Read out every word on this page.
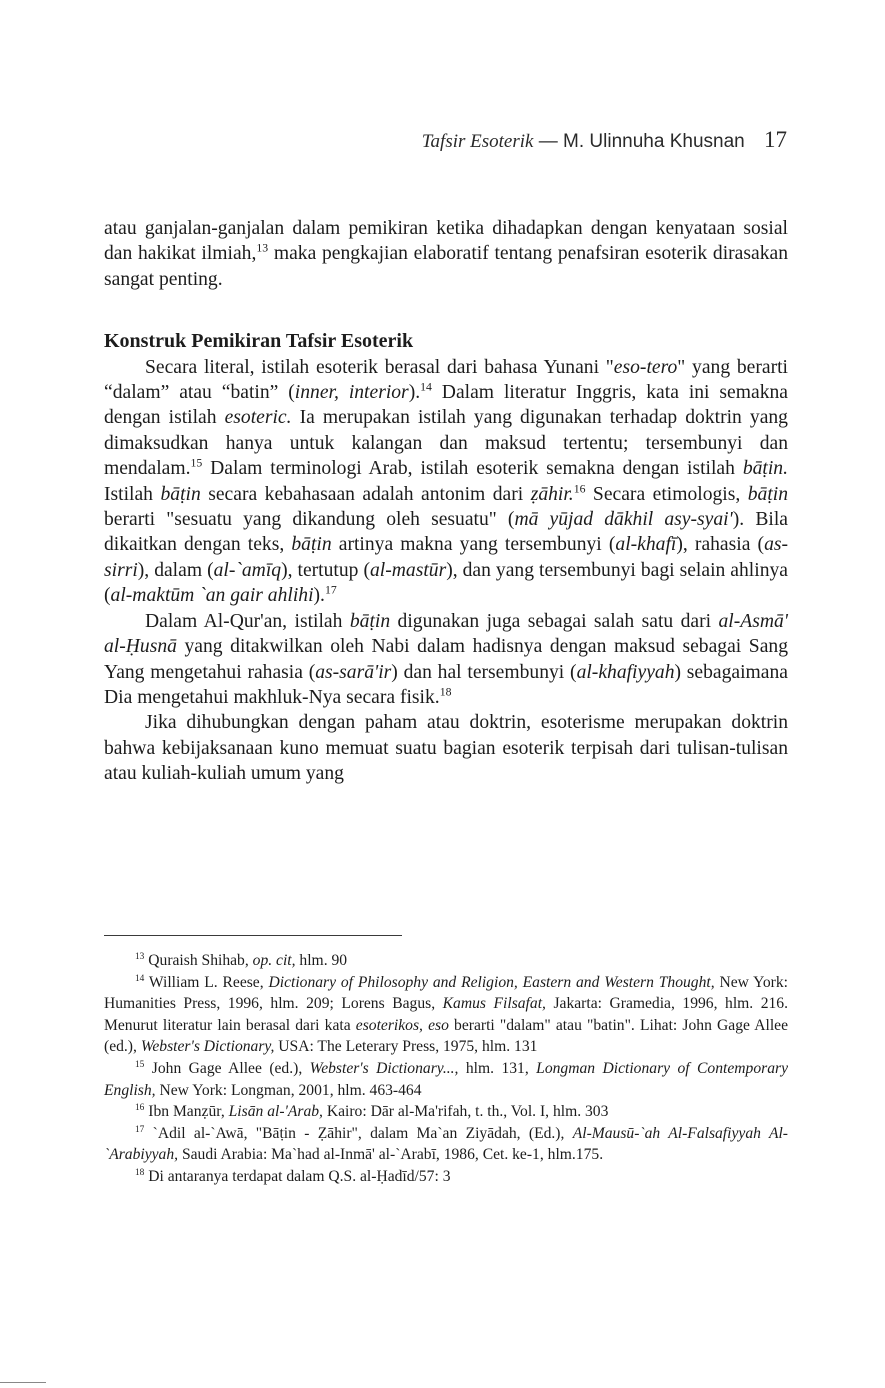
Tafsir Esoterik — M. Ulinnuha Khusnan 17

atau ganjalan-ganjalan dalam pemikiran ketika dihadapkan dengan kenyataan sosial dan hakikat ilmiah,$^{13}$ maka pengkajian elaboratif tentang penafsiran esoterik dirasakan sangat penting.

Konstruk Pemikiran Tafsir Esoterik

Secara literal, istilah esoterik berasal dari bahasa Yunani "eso-tero" yang berarti “dalam” atau “batin” (inner, interior).$^{14}$ Dalam literatur Inggris, kata ini semakna dengan istilah esoteric. Ia merupakan istilah yang digunakan terhadap doktrin yang dimaksudkan hanya untuk kalangan dan maksud tertentu; tersembunyi dan mendalam.$^{15}$ Dalam terminologi Arab, istilah esoterik semakna dengan istilah bāṭin. Istilah bāṭin secara kebahasaan adalah antonim dari ẓāhir.$^{16}$ Secara etimologis, bāṭin berarti "sesuatu yang dikandung oleh sesuatu" (mā yūjad dākhil asy-syai'). Bila dikaitkan dengan teks, bāṭin artinya makna yang tersembunyi (al-khafī), rahasia (as-sirri), dalam (al-`amīq), tertutup (al-mastūr), dan yang tersembunyi bagi selain ahlinya (al-maktūm `an gair ahlihi).$^{17}$

Dalam Al-Qur'an, istilah bāṭin digunakan juga sebagai salah satu dari al-Asmā' al-Ḥusnā yang ditakwilkan oleh Nabi dalam hadisnya dengan maksud sebagai Sang Yang mengetahui rahasia (as-sarā'ir) dan hal tersembunyi (al-khafiyyah) sebagaimana Dia mengetahui makhluk-Nya secara fisik.$^{18}$

Jika dihubungkan dengan paham atau doktrin, esoterisme merupakan doktrin bahwa kebijaksanaan kuno memuat suatu bagian esoterik terpisah dari tulisan-tulisan atau kuliah-kuliah umum yang

$^{13}$ Quraish Shihab, op. cit, hlm. 90

$^{14}$ William L. Reese, Dictionary of Philosophy and Religion, Eastern and Western Thought, New York: Humanities Press, 1996, hlm. 209; Lorens Bagus, Kamus Filsafat, Jakarta: Gramedia, 1996, hlm. 216. Menurut literatur lain berasal dari kata esoterikos, eso berarti "dalam" atau "batin". Lihat: John Gage Allee (ed.), Webster's Dictionary, USA: The Leterary Press, 1975, hlm. 131

$^{15}$ John Gage Allee (ed.), Webster's Dictionary..., hlm. 131, Longman Dictionary of Contemporary English, New York: Longman, 2001, hlm. 463-464

$^{16}$ Ibn Manẓūr, Lisān al-'Arab, Kairo: Dār al-Ma'rifah, t. th., Vol. I, hlm. 303

$^{17}$ `Adil al-`Awā, "Bāṭin - Ẓāhir", dalam Ma`an Ziyādah, (Ed.), Al-Mausū-`ah Al-Falsafiyyah Al-`Arabiyyah, Saudi Arabia: Ma`had al-Inmā' al-`Arabī, 1986, Cet. ke-1, hlm.175.

$^{18}$ Di antaranya terdapat dalam Q.S. al-Ḥadīd/57: 3
